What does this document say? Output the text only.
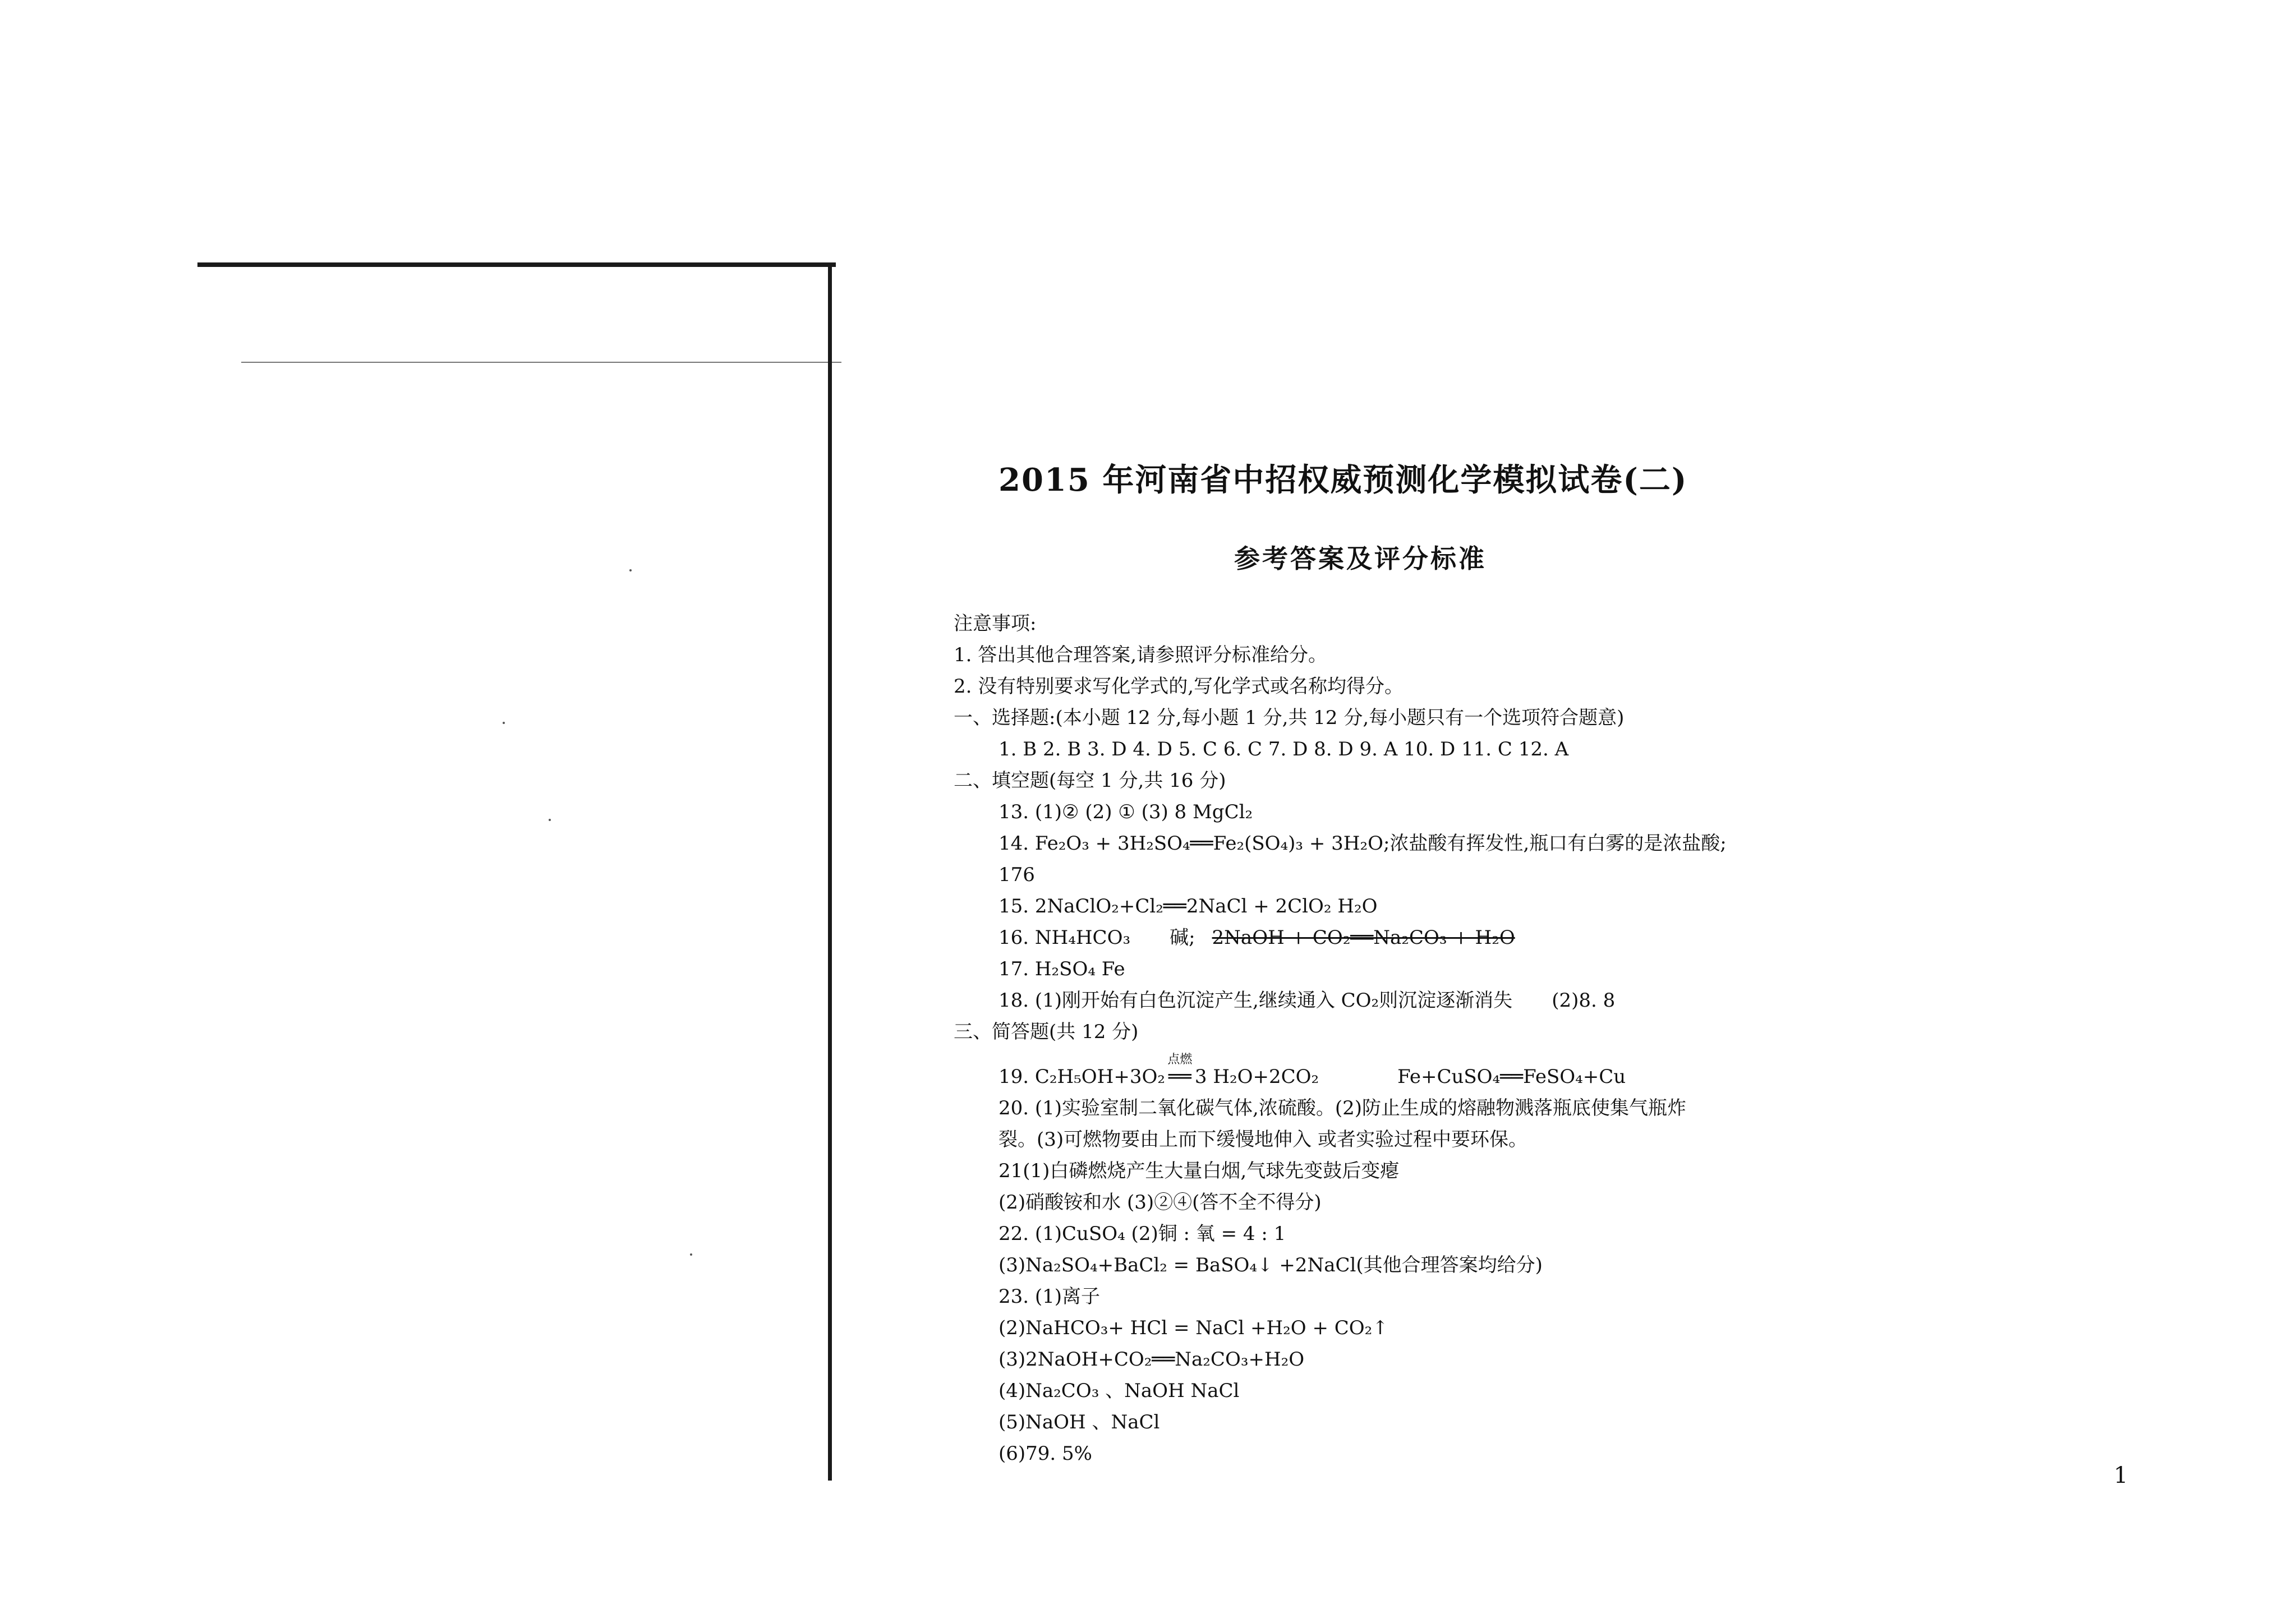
2015 年河南省中招权威预测化学模拟试卷(二)
参考答案及评分标准
注意事项:
1. 答出其他合理答案,请参照评分标准给分。
2. 没有特别要求写化学式的,写化学式或名称均得分。
一、选择题:(本小题 12 分,每小题 1 分,共 12 分,每小题只有一个选项符合题意)
1. B 2. B 3. D 4. D 5. C 6. C 7. D 8. D 9. A 10. D 11. C 12. A
二、填空题(每空 1 分,共 16 分)
13. (1)② (2) ① (3) 8 MgCl₂
14. Fe₂O₃ + 3H₂SO₄══Fe₂(SO₄)₃ + 3H₂O;浓盐酸有挥发性,瓶口有白雾的是浓盐酸;
176
15. 2NaClO₂+Cl₂══2NaCl + 2ClO₂ H₂O
16. NH₄HCO₃ 碱; 2NaOH + CO₂══Na₂CO₃ + H₂O
17. H₂SO₄ Fe
18. (1)刚开始有白色沉淀产生,继续通入 CO₂则沉淀逐渐消失 (2)8. 8
三、简答题(共 12 分)
19. C₂H₅OH+3O₂
点燃
══ 3 H₂O+2CO₂	Fe+CuSO₄══FeSO₄+Cu
20. (1)实验室制二氧化碳气体,浓硫酸。(2)防止生成的熔融物溅落瓶底使集气瓶炸
裂。(3)可燃物要由上而下缓慢地伸入 或者实验过程中要环保。
21(1)白磷燃烧产生大量白烟,气球先变鼓后变瘪
(2)硝酸铵和水 (3)②④(答不全不得分)
22. (1)CuSO₄ (2)铜 : 氧 = 4 : 1
(3)Na₂SO₄+BaCl₂ = BaSO₄↓ +2NaCl(其他合理答案均给分)
23. (1)离子
(2)NaHCO₃+ HCl = NaCl +H₂O + CO₂↑
(3)2NaOH+CO₂══Na₂CO₃+H₂O
(4)Na₂CO₃ 、NaOH NaCl
(5)NaOH 、NaCl
(6)79. 5%
1
